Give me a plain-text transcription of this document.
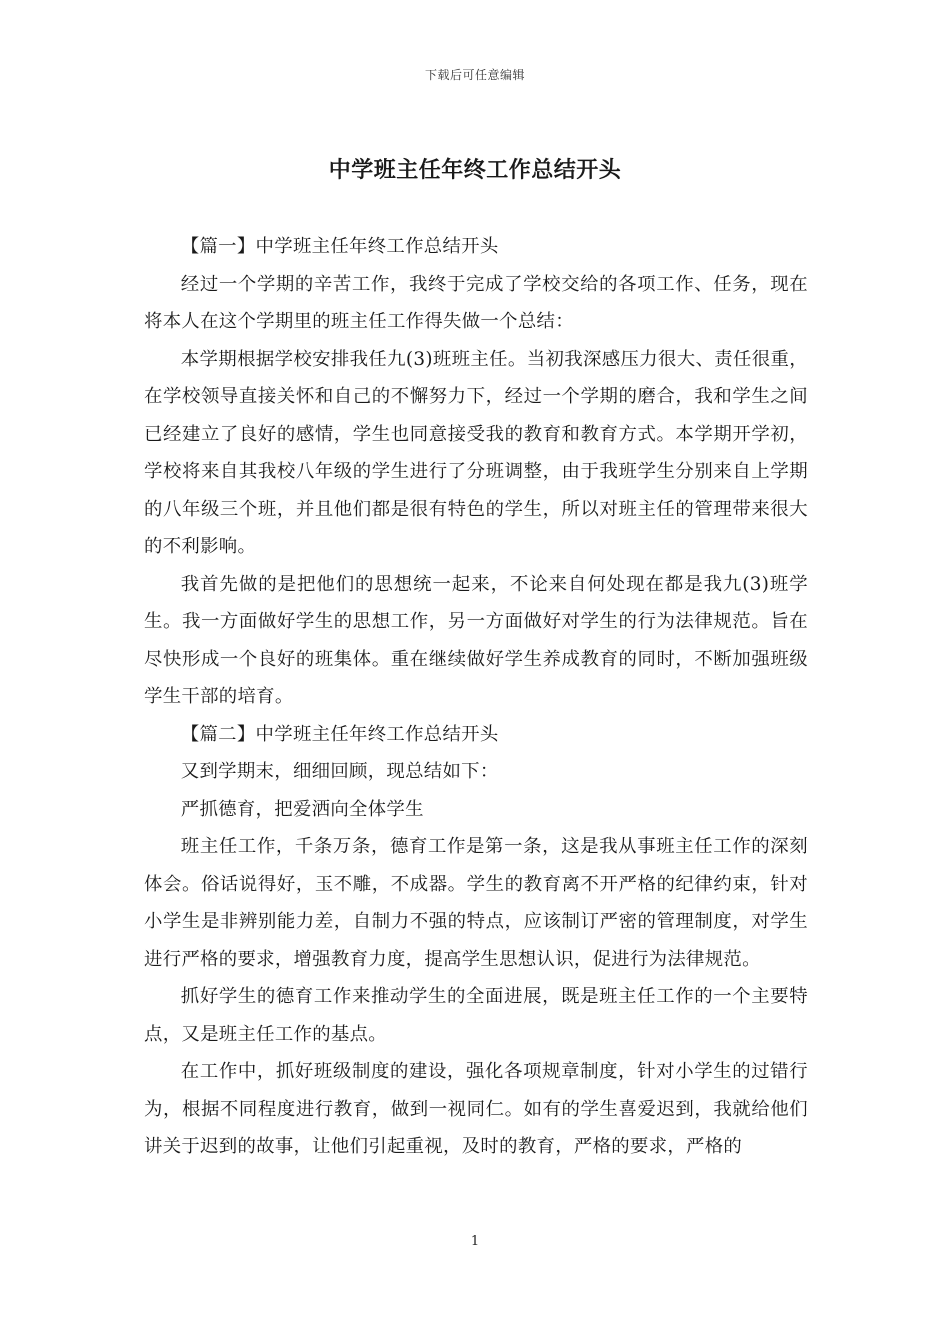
下载后可任意编辑
中学班主任年终工作总结开头

【篇一】中学班主任年终工作总结开头

经过一个学期的辛苦工作，我终于完成了学校交给的各项工作、任务，现在将本人在这个学期里的班主任工作得失做一个总结：

本学期根据学校安排我任九(3)班班主任。当初我深感压力很大、责任很重，在学校领导直接关怀和自己的不懈努力下，经过一个学期的磨合，我和学生之间已经建立了良好的感情，学生也同意接受我的教育和教育方式。本学期开学初，学校将来自其我校八年级的学生进行了分班调整，由于我班学生分别来自上学期的八年级三个班，并且他们都是很有特色的学生，所以对班主任的管理带来很大的不利影响。

我首先做的是把他们的思想统一起来，不论来自何处现在都是我九(3)班学生。我一方面做好学生的思想工作，另一方面做好对学生的行为法律规范。旨在尽快形成一个良好的班集体。重在继续做好学生养成教育的同时，不断加强班级学生干部的培育。

【篇二】中学班主任年终工作总结开头

又到学期末，细细回顾，现总结如下：

严抓德育，把爱洒向全体学生

班主任工作，千条万条，德育工作是第一条，这是我从事班主任工作的深刻体会。俗话说得好，玉不雕，不成器。学生的教育离不开严格的纪律约束，针对小学生是非辨别能力差，自制力不强的特点，应该制订严密的管理制度，对学生进行严格的要求，增强教育力度，提高学生思想认识，促进行为法律规范。

抓好学生的德育工作来推动学生的全面进展，既是班主任工作的一个主要特点，又是班主任工作的基点。

在工作中，抓好班级制度的建设，强化各项规章制度，针对小学生的过错行为，根据不同程度进行教育，做到一视同仁。如有的学生喜爱迟到，我就给他们讲关于迟到的故事，让他们引起重视，及时的教育，严格的要求，严格的

1
